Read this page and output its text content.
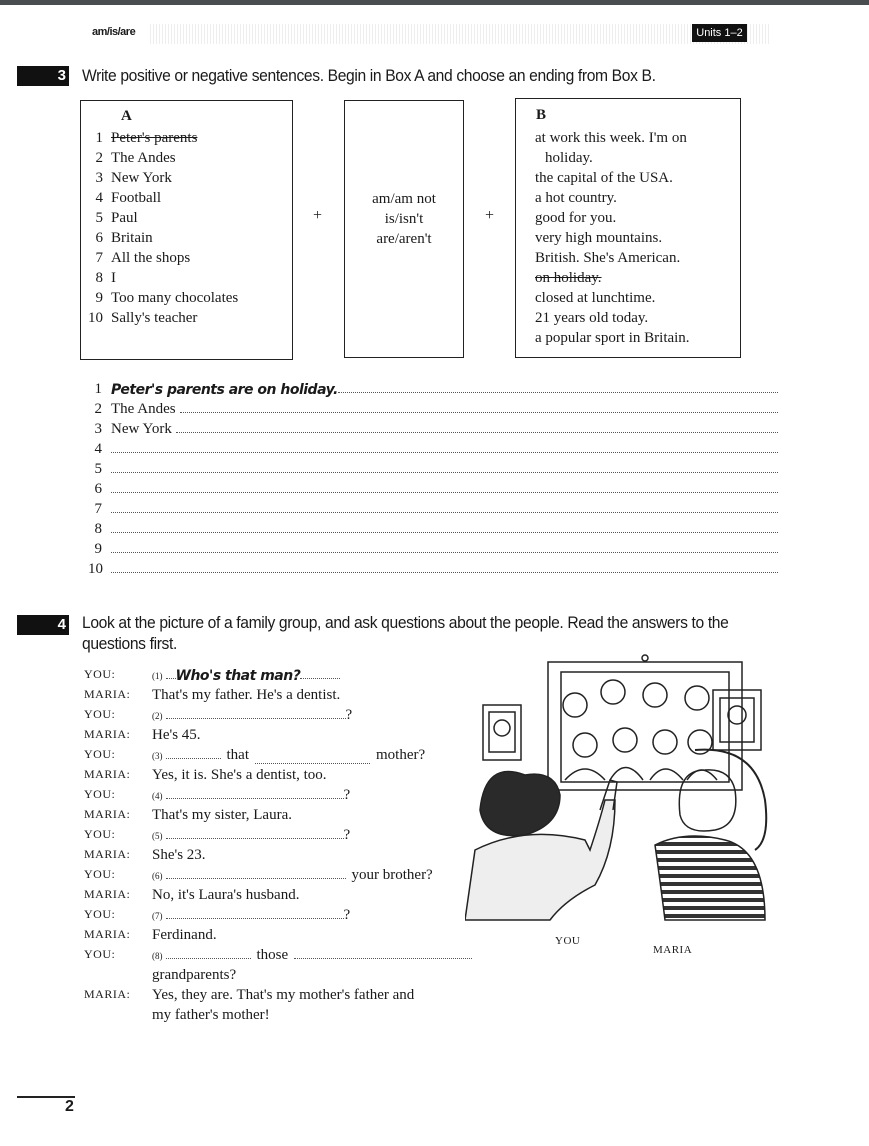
am/is/are	Units 1–2
3 Write positive or negative sentences. Begin in Box A and choose an ending from Box B.
A
1 Peter's parents
2 The Andes
3 New York
4 Football
5 Paul
6 Britain
7 All the shops
8 I
9 Too many chocolates
10 Sally's teacher
+
am/am not
is/isn't
are/aren't
+
B
at work this week. I'm on
holiday.
the capital of the USA.
a hot country.
good for you.
very high mountains.
British. She's American.
on holiday.
closed at lunchtime.
21 years old today.
a popular sport in Britain.
1 Peter's parents are on holiday.
2 The Andes
3 New York
4
5
6
7
8
9
10
4 Look at the picture of a family group, and ask questions about the people. Read the answers to the
questions first.
YOU:	(1) Who's that man?
MARIA:	That's my father. He's a dentist.
YOU:	(2)	?
MARIA:	He's 45.
YOU:	(3)	that	mother?
MARIA:	Yes, it is. She's a dentist, too.
YOU:	(4)	?
MARIA:	That's my sister, Laura.
YOU:	(5)	?
MARIA:	She's 23.
YOU:	(6)	your brother?
MARIA:	No, it's Laura's husband.
YOU:	(7)	?
MARIA:	Ferdinand.
YOU:	(8)	those
grandparents?
MARIA:	Yes, they are. That's my mother's father and
my father's mother!
YOU
MARIA
2
